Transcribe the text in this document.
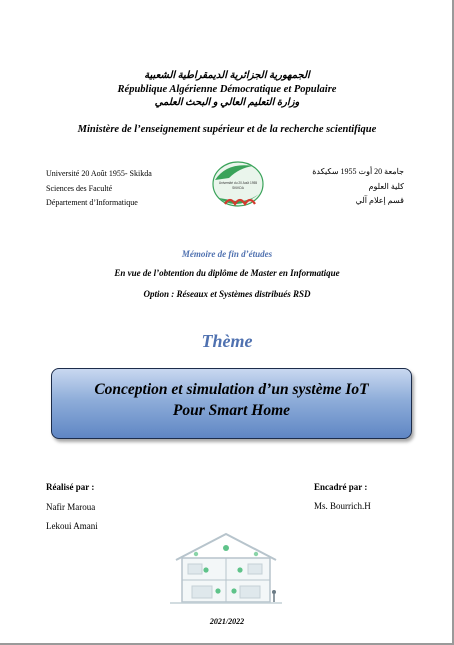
الجمهورية الجزائرية الديمقراطية الشعبية
République Algérienne Démocratique et Populaire
وزارة التعليم العالي و البحث العلمي
Ministère de l’enseignement supérieur et de la recherche scientifique
Université 20 Août 1955- Skikda
Sciences des Faculté
Département d’Informatique
Université du 20 Août 1955
SKIKDA
جامعة 20 أوت 1955 سكيكدة
كلية العلوم
قسم إعلام آلي
Mémoire de fin d’études
En vue de l’obtention du diplôme de Master en Informatique
Option : Réseaux et Systèmes distribués RSD
Thème
Conception et simulation d’un système IoT
Pour Smart Home
Réalisé par :
Nafir Maroua
Lekoui Amani
Encadré par :
Ms. Bourrich.H
2021/2022
